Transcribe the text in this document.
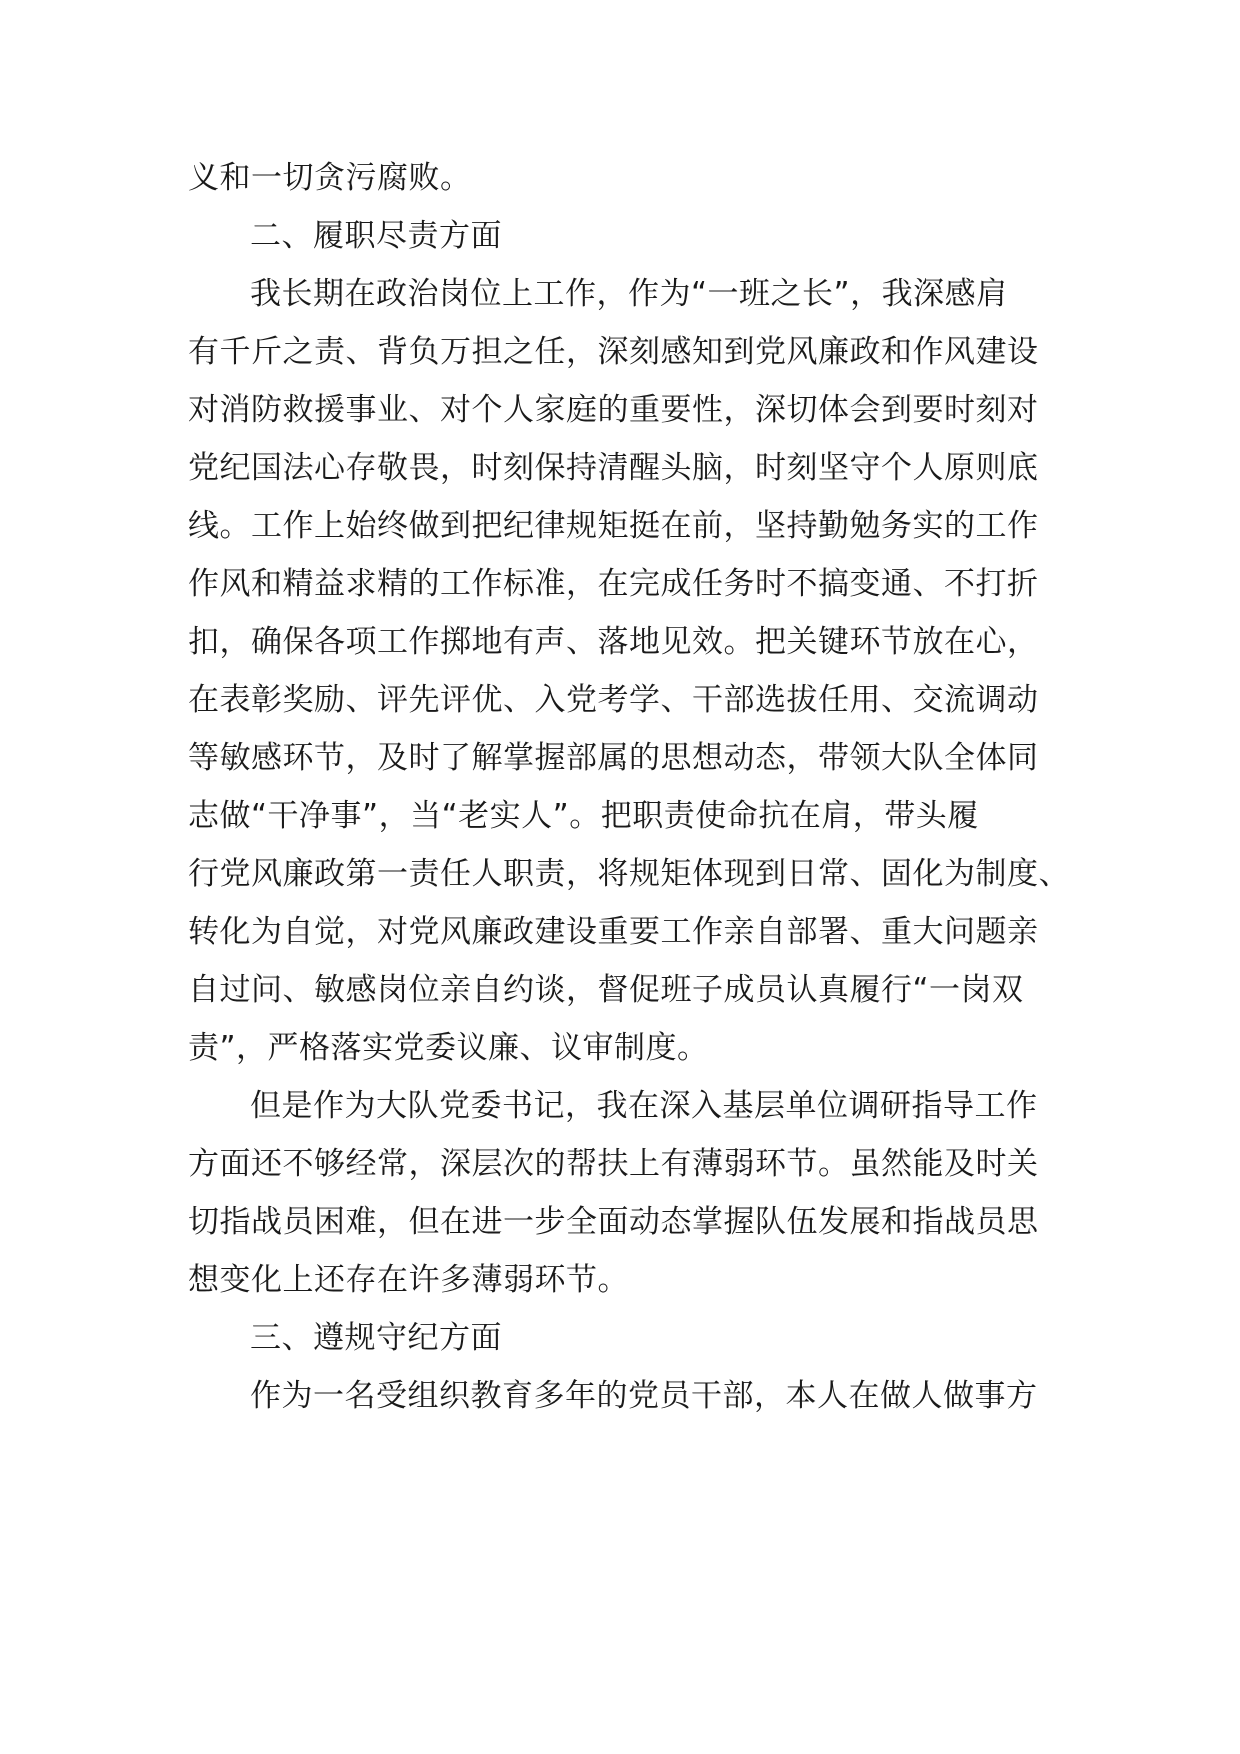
义和一切贪污腐败。
二、履职尽责方面
我长期在政治岗位上工作，作为“一班之长”，我深感肩
有千斤之责、背负万担之任，深刻感知到党风廉政和作风建设
对消防救援事业、对个人家庭的重要性，深切体会到要时刻对
党纪国法心存敬畏，时刻保持清醒头脑，时刻坚守个人原则底
线。工作上始终做到把纪律规矩挺在前，坚持勤勉务实的工作
作风和精益求精的工作标准，在完成任务时不搞变通、不打折
扣，确保各项工作掷地有声、落地见效。把关键环节放在心，
在表彰奖励、评先评优、入党考学、干部选拔任用、交流调动
等敏感环节，及时了解掌握部属的思想动态，带领大队全体同
志做“干净事”，当“老实人”。把职责使命抗在肩，带头履
行党风廉政第一责任人职责，将规矩体现到日常、固化为制度、
转化为自觉，对党风廉政建设重要工作亲自部署、重大问题亲
自过问、敏感岗位亲自约谈，督促班子成员认真履行“一岗双
责”，严格落实党委议廉、议审制度。
但是作为大队党委书记，我在深入基层单位调研指导工作
方面还不够经常，深层次的帮扶上有薄弱环节。虽然能及时关
切指战员困难，但在进一步全面动态掌握队伍发展和指战员思
想变化上还存在许多薄弱环节。
三、遵规守纪方面
作为一名受组织教育多年的党员干部，本人在做人做事方
